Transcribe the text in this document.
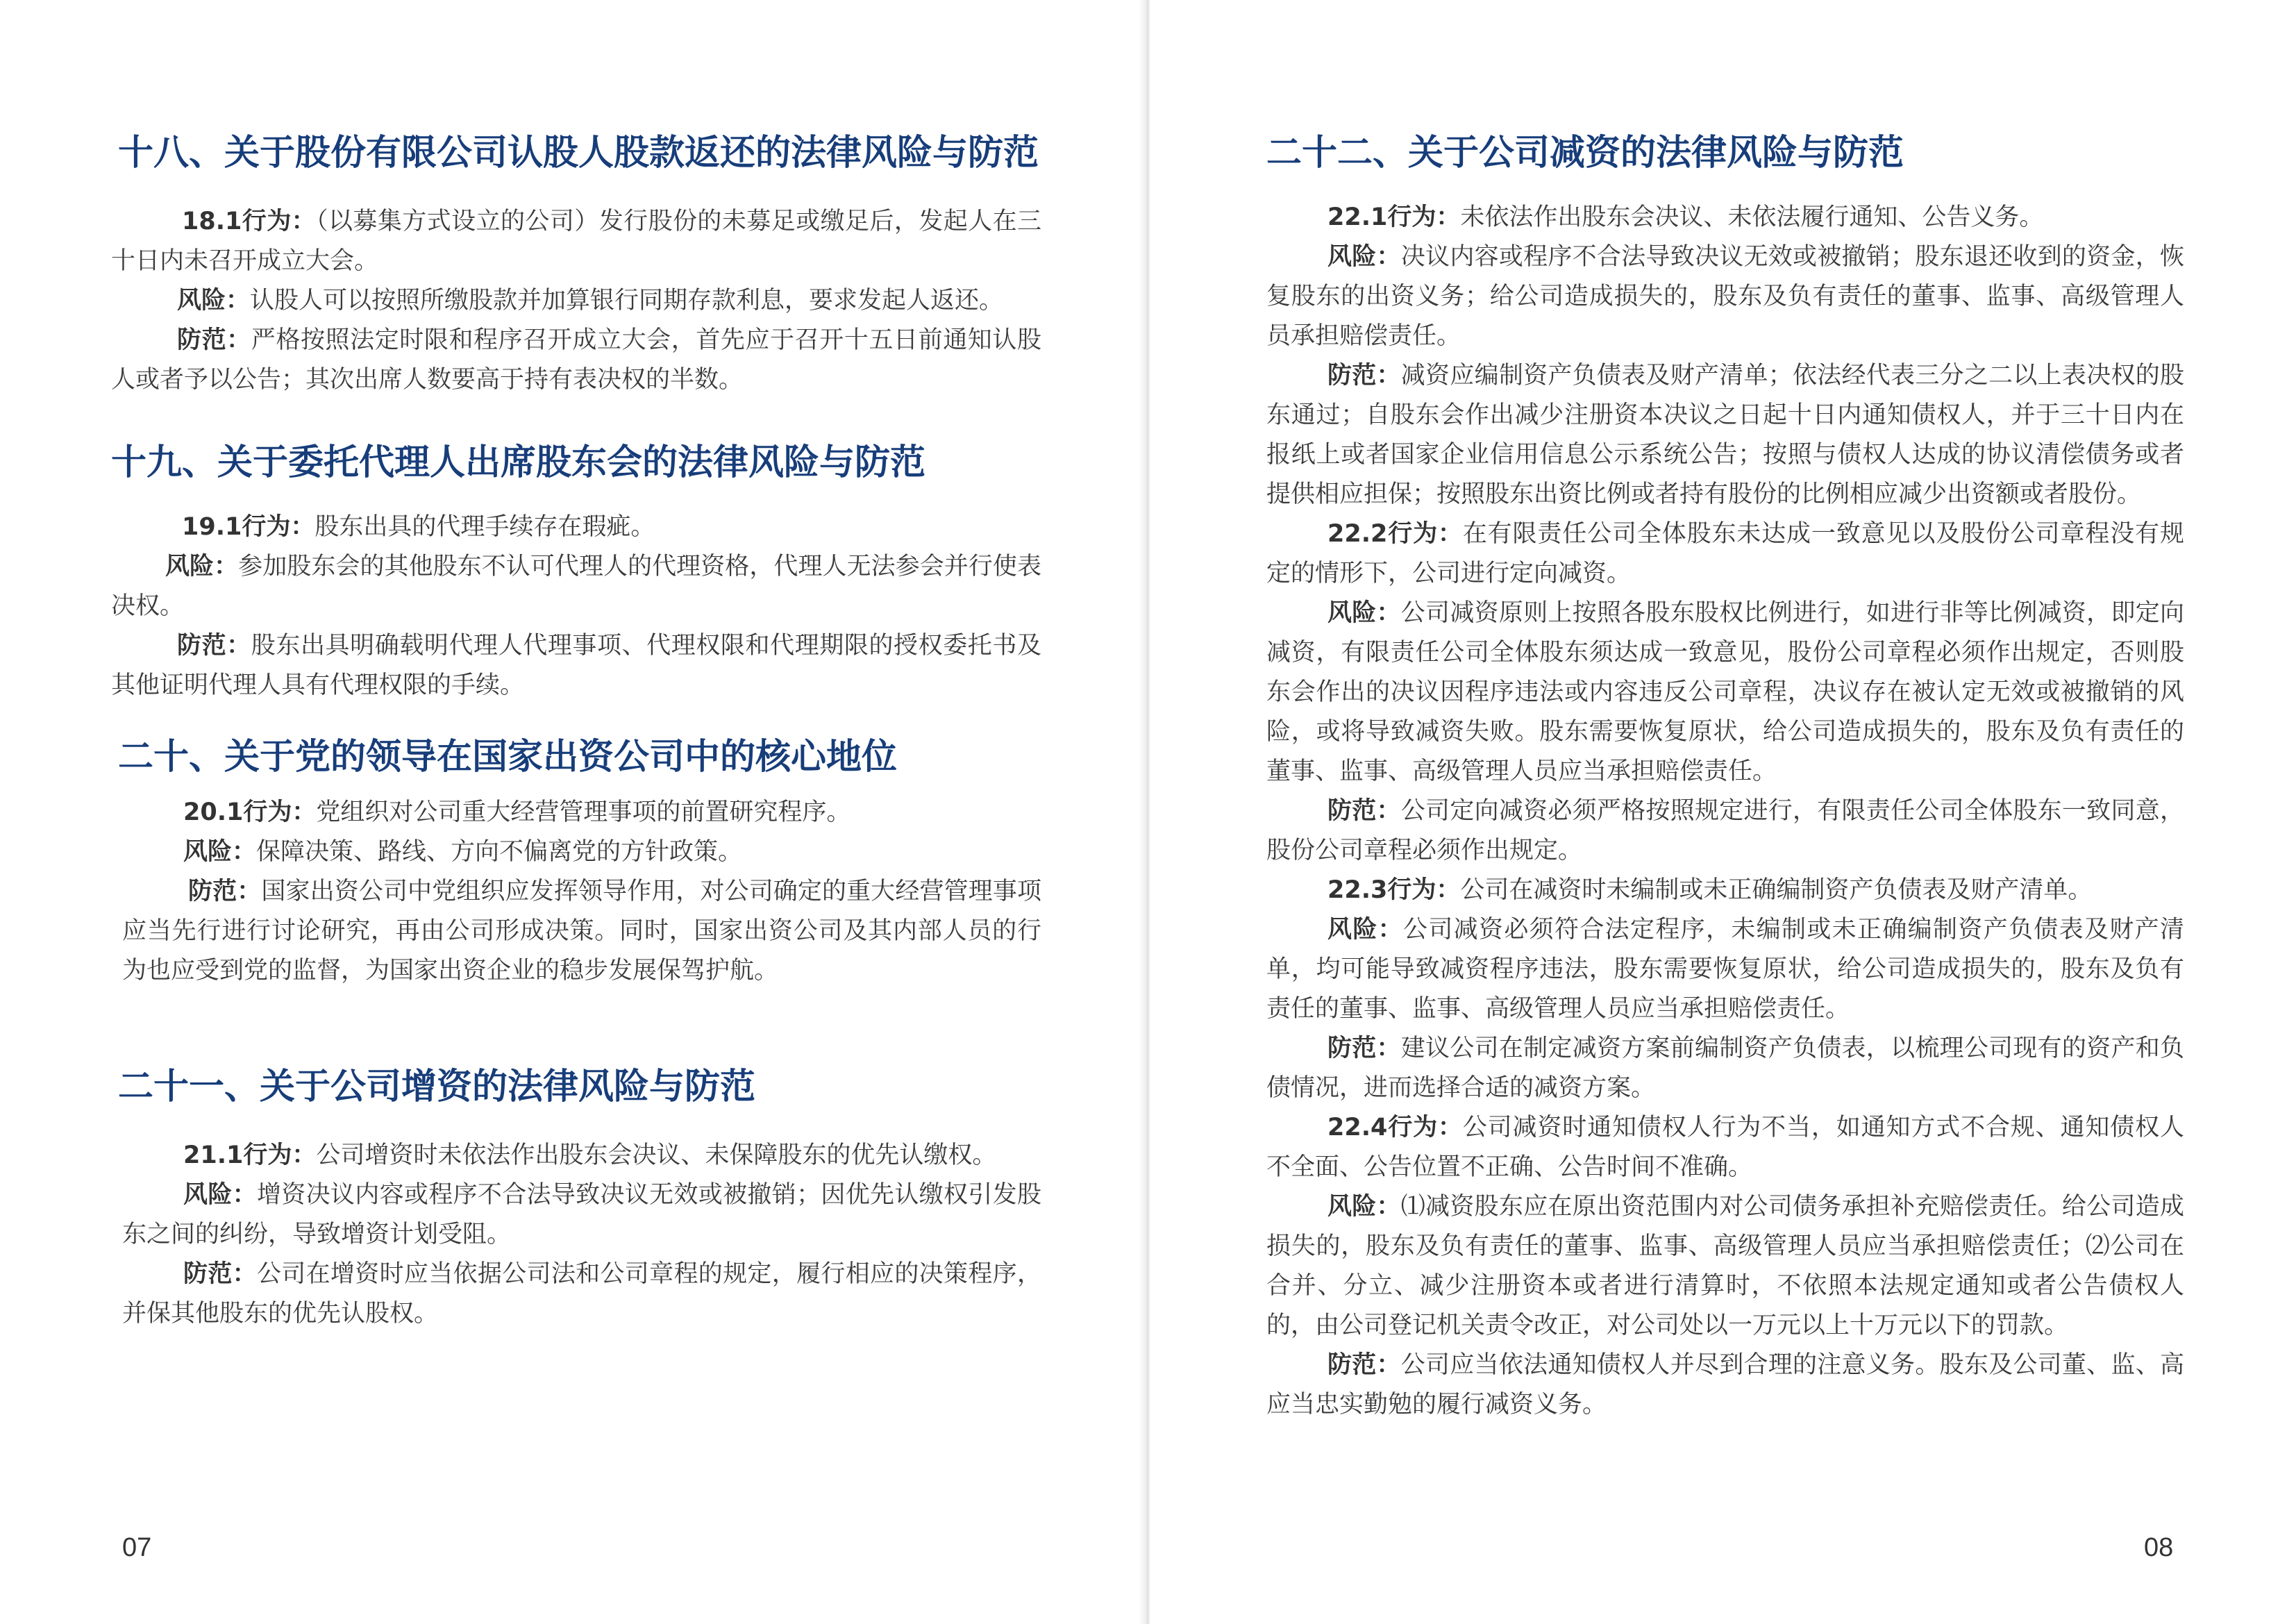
十八、关于股份有限公司认股人股款返还的法律风险与防范

18.1行为：（以募集方式设立的公司）发行股份的未募足或缴足后，发起人在三十日内未召开成立大会。

风险：认股人可以按照所缴股款并加算银行同期存款利息，要求发起人返还。

防范：严格按照法定时限和程序召开成立大会，首先应于召开十五日前通知认股人或者予以公告；其次出席人数要高于持有表决权的半数。

十九、关于委托代理人出席股东会的法律风险与防范

19.1行为：股东出具的代理手续存在瑕疵。

风险：参加股东会的其他股东不认可代理人的代理资格，代理人无法参会并行使表决权。

防范：股东出具明确载明代理人代理事项、代理权限和代理期限的授权委托书及其他证明代理人具有代理权限的手续。

二十、关于党的领导在国家出资公司中的核心地位

20.1行为：党组织对公司重大经营管理事项的前置研究程序。

风险：保障决策、路线、方向不偏离党的方针政策。

防范：国家出资公司中党组织应发挥领导作用，对公司确定的重大经营管理事项应当先行进行讨论研究，再由公司形成决策。同时，国家出资公司及其内部人员的行为也应受到党的监督，为国家出资企业的稳步发展保驾护航。

二十一、关于公司增资的法律风险与防范

21.1行为：公司增资时未依法作出股东会决议、未保障股东的优先认缴权。

风险：增资决议内容或程序不合法导致决议无效或被撤销；因优先认缴权引发股东之间的纠纷，导致增资计划受阻。

防范：公司在增资时应当依据公司法和公司章程的规定，履行相应的决策程序，并保其他股东的优先认股权。

07
二十二、关于公司减资的法律风险与防范

22.1行为：未依法作出股东会决议、未依法履行通知、公告义务。

风险：决议内容或程序不合法导致决议无效或被撤销；股东退还收到的资金，恢复股东的出资义务；给公司造成损失的，股东及负有责任的董事、监事、高级管理人员承担赔偿责任。

防范：减资应编制资产负债表及财产清单；依法经代表三分之二以上表决权的股东通过；自股东会作出减少注册资本决议之日起十日内通知债权人，并于三十日内在报纸上或者国家企业信用信息公示系统公告；按照与债权人达成的协议清偿债务或者提供相应担保；按照股东出资比例或者持有股份的比例相应减少出资额或者股份。

22.2行为：在有限责任公司全体股东未达成一致意见以及股份公司章程没有规定的情形下，公司进行定向减资。

风险：公司减资原则上按照各股东股权比例进行，如进行非等比例减资，即定向减资，有限责任公司全体股东须达成一致意见，股份公司章程必须作出规定，否则股东会作出的决议因程序违法或内容违反公司章程，决议存在被认定无效或被撤销的风险，或将导致减资失败。股东需要恢复原状，给公司造成损失的，股东及负有责任的董事、监事、高级管理人员应当承担赔偿责任。

防范：公司定向减资必须严格按照规定进行，有限责任公司全体股东一致同意，股份公司章程必须作出规定。

22.3行为：公司在减资时未编制或未正确编制资产负债表及财产清单。

风险：公司减资必须符合法定程序，未编制或未正确编制资产负债表及财产清单，均可能导致减资程序违法，股东需要恢复原状，给公司造成损失的，股东及负有责任的董事、监事、高级管理人员应当承担赔偿责任。

防范：建议公司在制定减资方案前编制资产负债表，以梳理公司现有的资产和负债情况，进而选择合适的减资方案。

22.4行为：公司减资时通知债权人行为不当，如通知方式不合规、通知债权人不全面、公告位置不正确、公告时间不准确。

风险：⑴减资股东应在原出资范围内对公司债务承担补充赔偿责任。给公司造成损失的，股东及负有责任的董事、监事、高级管理人员应当承担赔偿责任；⑵公司在合并、分立、减少注册资本或者进行清算时，不依照本法规定通知或者公告债权人的，由公司登记机关责令改正，对公司处以一万元以上十万元以下的罚款。

防范：公司应当依法通知债权人并尽到合理的注意义务。股东及公司董、监、高应当忠实勤勉的履行减资义务。

08
